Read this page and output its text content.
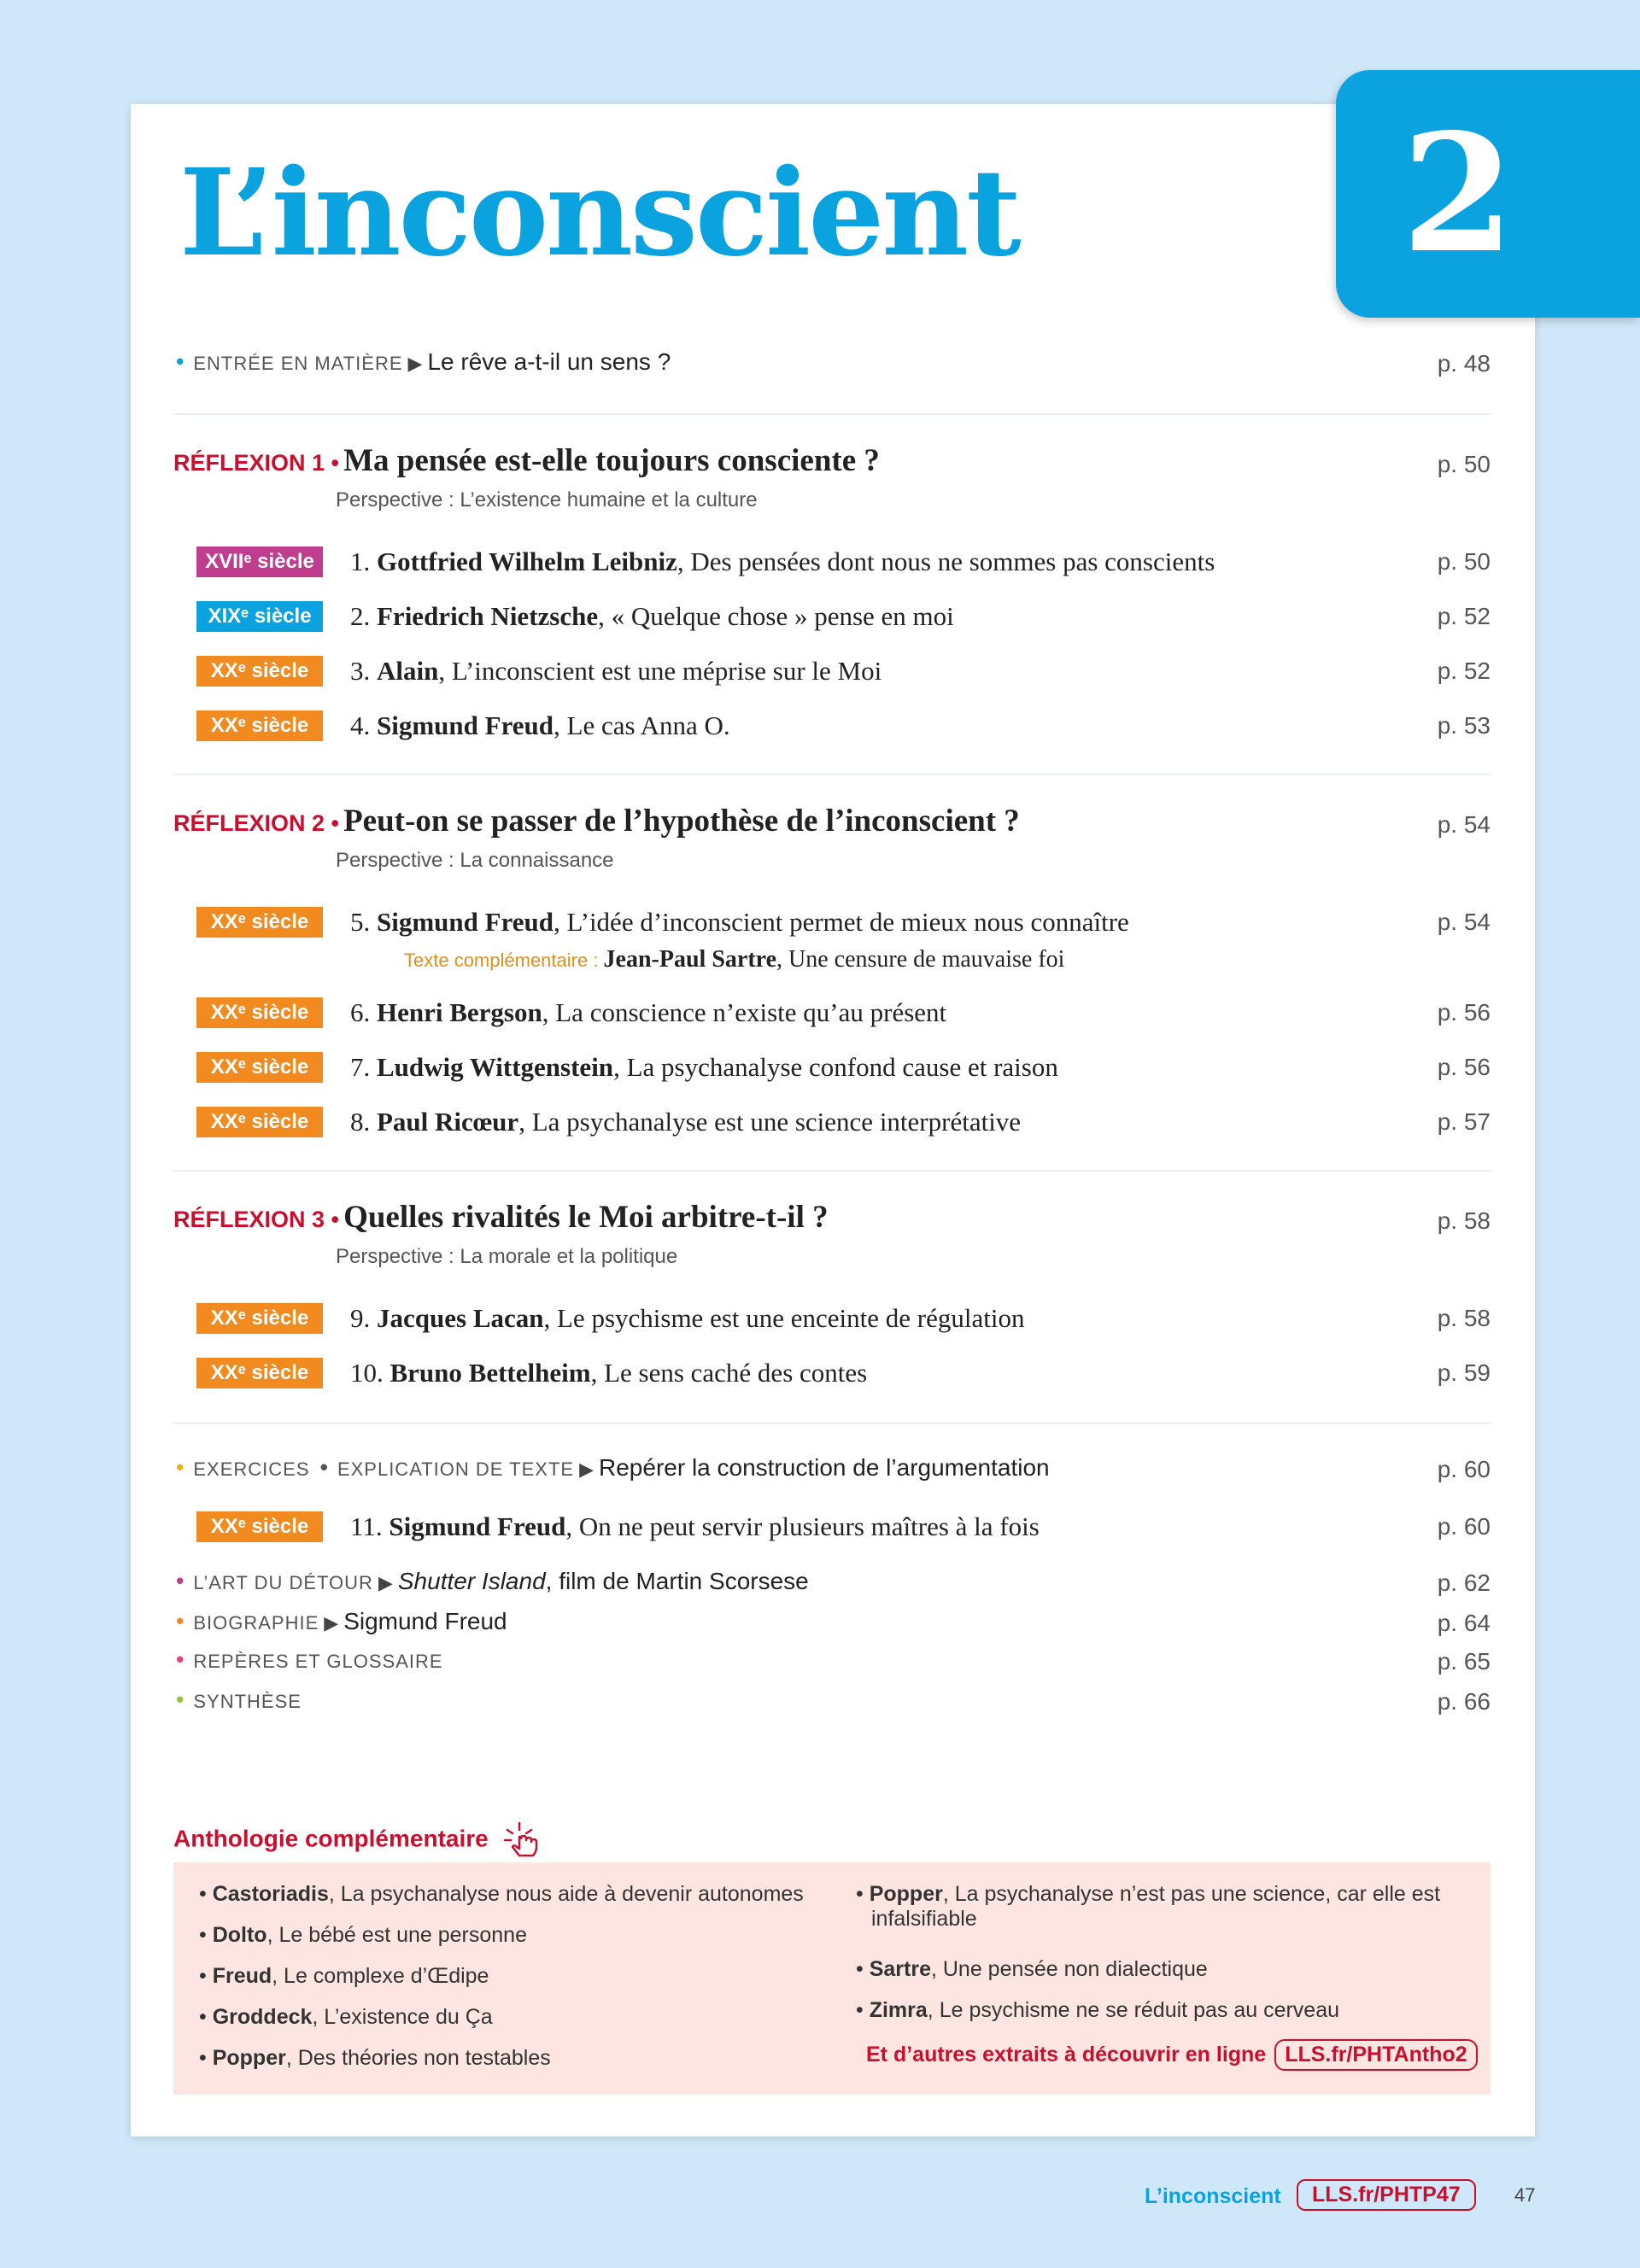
2
L’inconscient
• ENTRÉE EN MATIÈRE ▶ Le rêve a-t-il un sens ?	p. 48
RÉFLEXION 1 • Ma pensée est-elle toujours consciente ?	p. 50
Perspective : L’existence humaine et la culture
XVIIᵉ siècle	1. Gottfried Wilhelm Leibniz, Des pensées dont nous ne sommes pas conscients	p. 50
XIXᵉ siècle	2. Friedrich Nietzsche, « Quelque chose » pense en moi	p. 52
XXᵉ siècle	3. Alain, L’inconscient est une méprise sur le Moi	p. 52
XXᵉ siècle	4. Sigmund Freud, Le cas Anna O.	p. 53
RÉFLEXION 2 • Peut-on se passer de l’hypothèse de l’inconscient ?	p. 54
Perspective : La connaissance
XXᵉ siècle	5. Sigmund Freud, L’idée d’inconscient permet de mieux nous connaître	p. 54
Texte complémentaire : Jean-Paul Sartre, Une censure de mauvaise foi
XXᵉ siècle	6. Henri Bergson, La conscience n’existe qu’au présent	p. 56
XXᵉ siècle	7. Ludwig Wittgenstein, La psychanalyse confond cause et raison	p. 56
XXᵉ siècle	8. Paul Ricœur, La psychanalyse est une science interprétative	p. 57
RÉFLEXION 3 • Quelles rivalités le Moi arbitre-t-il ?	p. 58
Perspective : La morale et la politique
XXᵉ siècle	9. Jacques Lacan, Le psychisme est une enceinte de régulation	p. 58
XXᵉ siècle	10. Bruno Bettelheim, Le sens caché des contes	p. 59
• EXERCICES • EXPLICATION DE TEXTE ▶ Repérer la construction de l’argumentation	p. 60
XXᵉ siècle	11. Sigmund Freud, On ne peut servir plusieurs maîtres à la fois	p. 60
• L’ART DU DÉTOUR ▶ Shutter Island, film de Martin Scorsese	p. 62
• BIOGRAPHIE ▶ Sigmund Freud	p. 64
• REPÈRES ET GLOSSAIRE	p. 65
• SYNTHÈSE	p. 66
Anthologie complémentaire
• Castoriadis, La psychanalyse nous aide à devenir autonomes
• Dolto, Le bébé est une personne
• Freud, Le complexe d’Œdipe
• Groddeck, L’existence du Ça
• Popper, Des théories non testables
• Popper, La psychanalyse n’est pas une science, car elle est
infalsifiable
• Sartre, Une pensée non dialectique
• Zimra, Le psychisme ne se réduit pas au cerveau
Et d’autres extraits à découvrir en ligne LLS.fr/PHTAntho2
L’inconscient	LLS.fr/PHTP47	47
